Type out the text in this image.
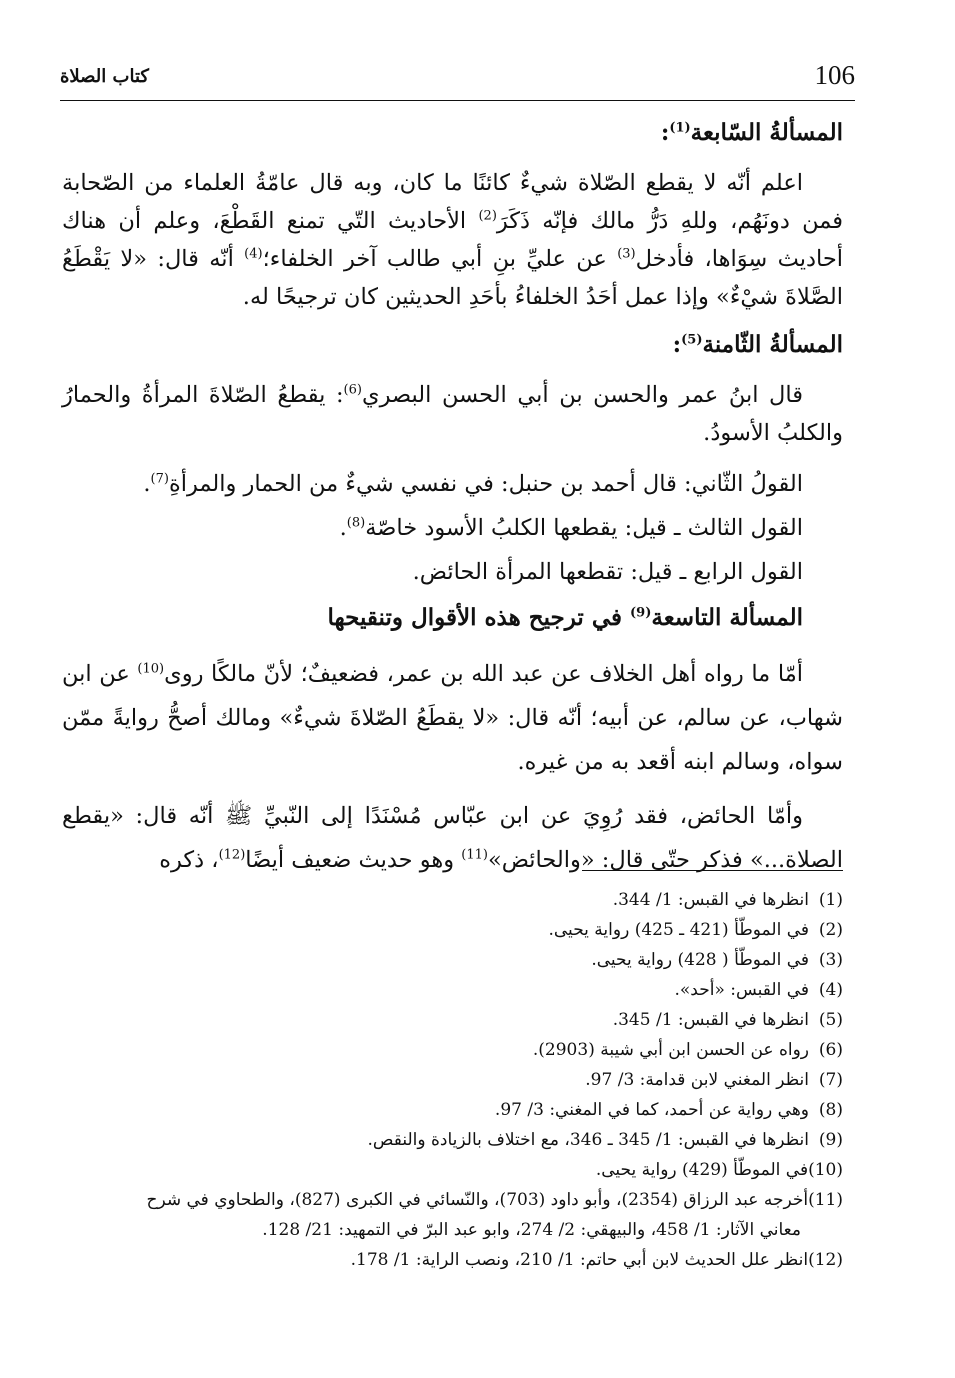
106
كتاب الصلاة

المسألةُ السّابعة$^{(1)}$:

اعلم أنّه لا يقطع الصّلاة شيءٌ كائنًا ما كان، وبه قال عامّةُ العلماء من الصّحابة فمن دونَهُم، وللهِ دَرُّ مالك فإنّه ذَكَرَ$^{(2)}$ الأحاديث التّي تمنع القَطْعَ، وعلم أن هناك أحاديث سِوَاها، فأدخل$^{(3)}$ عن عليِّ بنِ أبي طالب آخر الخلفاء؛$^{(4)}$ أنّه قال: «لا يَقْطَعُ الصَّلاةَ شيْءٌ» وإذا عمل أحَدُ الخلفاءُ بأحَدِ الحديثين كان ترجيحًا له.

المسألةُ الثّامنة$^{(5)}$:

قال ابنُ عمر والحسن بن أبي الحسن البصري$^{(6)}$: يقطعُ الصّلاةَ المرأةُ والحمارُ والكلبُ الأسودُ.

القولُ الثّاني: قال أحمد بن حنبل: في نفسي شيءٌ من الحمار والمرأةِ$^{(7)}$.

القول الثالث ـ قيل: يقطعها الكلبُ الأسود خاصّة$^{(8)}$.

القول الرابع ـ قيل: تقطعها المرأة الحائض.

المسألة التاسعة$^{(9)}$ في ترجيح هذه الأقوال وتنقيحها

أمّا ما رواه أهل الخلاف عن عبد الله بن عمر، فضعيفٌ؛ لأنّ مالكًا روى$^{(10)}$ عن ابن شهاب، عن سالم، عن أبيه؛ أنّه قال: «لا يقطَعُ الصّلاةَ شيءٌ» ومالك أصحُّ روايةً ممّن سواه، وسالم ابنه أقعد به من غيره.

وأمّا الحائض، فقد رُوِيَ عن ابن عبّاس مُسْنَدًا إلى النّبيِّ ﷺ أنّه قال: «يقطع الصلاة...» فذكر حتّى قال: «والحائض»$^{(11)}$ وهو حديث ضعيف أيضًا$^{(12)}$، ذكره

(1)
انظرها في القبس: 1/ 344.
(2)
في الموطّأ (421 ـ 425) رواية يحيى.
(3)
في الموطّأ ( 428) رواية يحيى.
(4)
في القبس: «أحد».
(5)
انظرها في القبس: 1/ 345.
(6)
رواه عن الحسن ابن أبي شيبة (2903).
(7)
انظر المغني لابن قدامة: 3/ 97.
(8)
وهي رواية عن أحمد، كما في المغني: 3/ 97.
(9)
انظرها في القبس: 1/ 345 ـ 346، مع اختلاف بالزيادة والنقص.
(10)
في الموطّأ (429) رواية يحيى.
(11)
أخرجه عبد الرزاق (2354)، وأبو داود (703)، والنّسائي في الكبرى (827)، والطحاوي في شرح
معاني الآثار: 1/ 458، والبيهقي: 2/ 274، وابو عبد البرّ في التمهيد: 21/ 128.
(12)
انظر علل الحديث لابن أبي حاتم: 1/ 210، ونصب الراية: 1/ 178.
